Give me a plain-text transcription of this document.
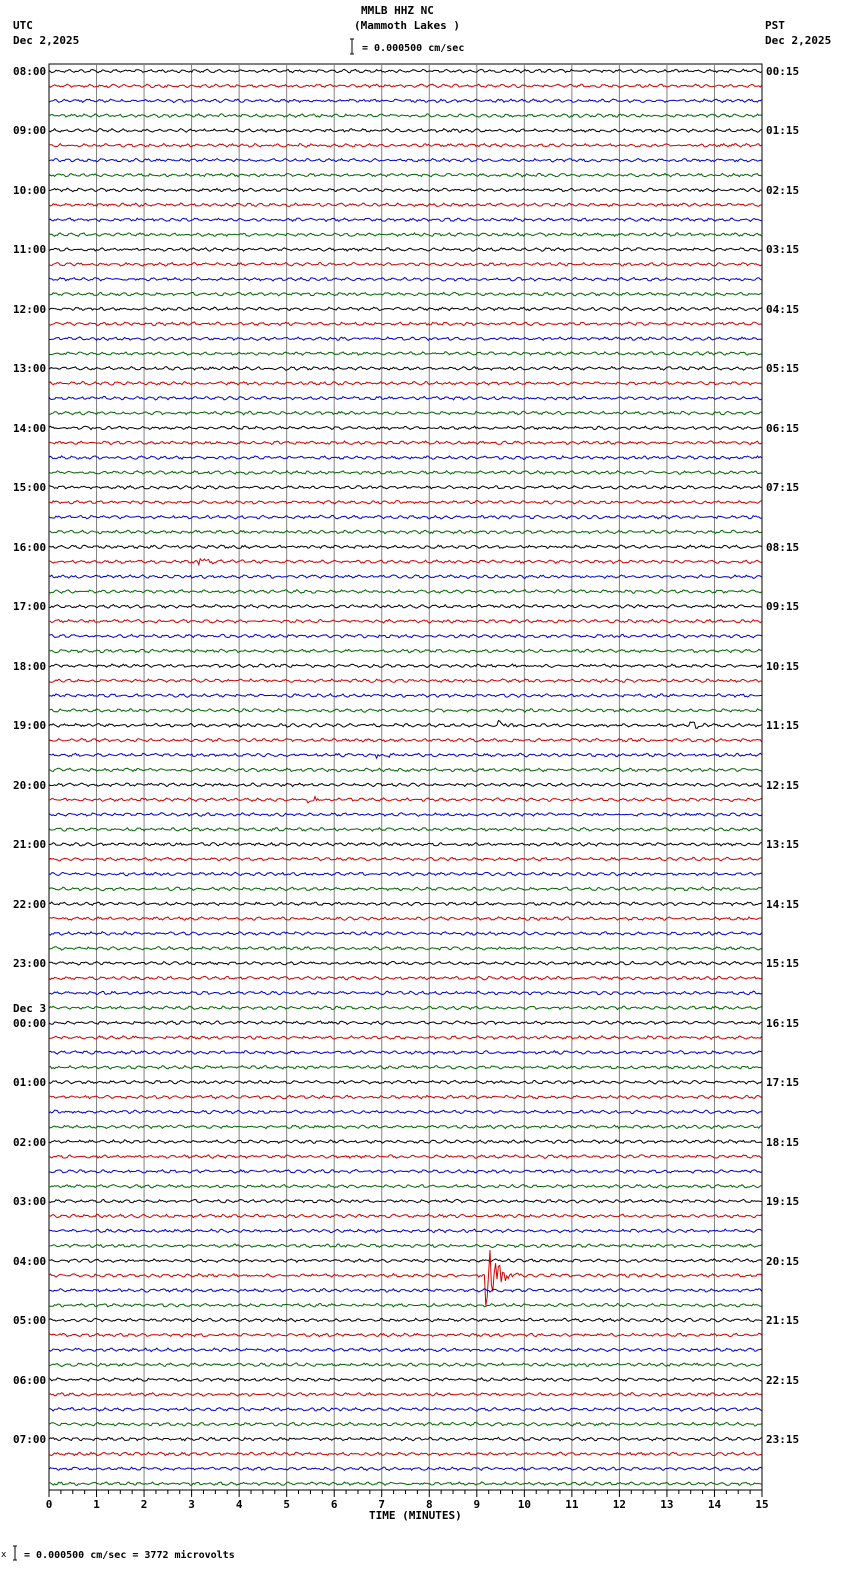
0	1	2	3	4	5	6	7	8	9	10	11	12	13	14	15
MMLB HHZ NC
(Mammoth Lakes )
= 0.000500 cm/sec
UTC
Dec 2,2025
PST
Dec 2,2025
TIME (MINUTES)
x = 0.000500 cm/sec = 3772 microvolts
08:00
09:00
10:00
11:00
12:00
13:00
14:00
15:00
16:00
17:00
18:00
19:00
20:00
21:00
22:00
23:00
00:00
Dec 3
01:00
02:00
03:00
04:00
05:00
06:00
07:00
00:15
01:15
02:15
03:15
04:15
05:15
06:15
07:15
08:15
09:15
10:15
11:15
12:15
13:15
14:15
15:15
16:15
17:15
18:15
19:15
20:15
21:15
22:15
23:15
